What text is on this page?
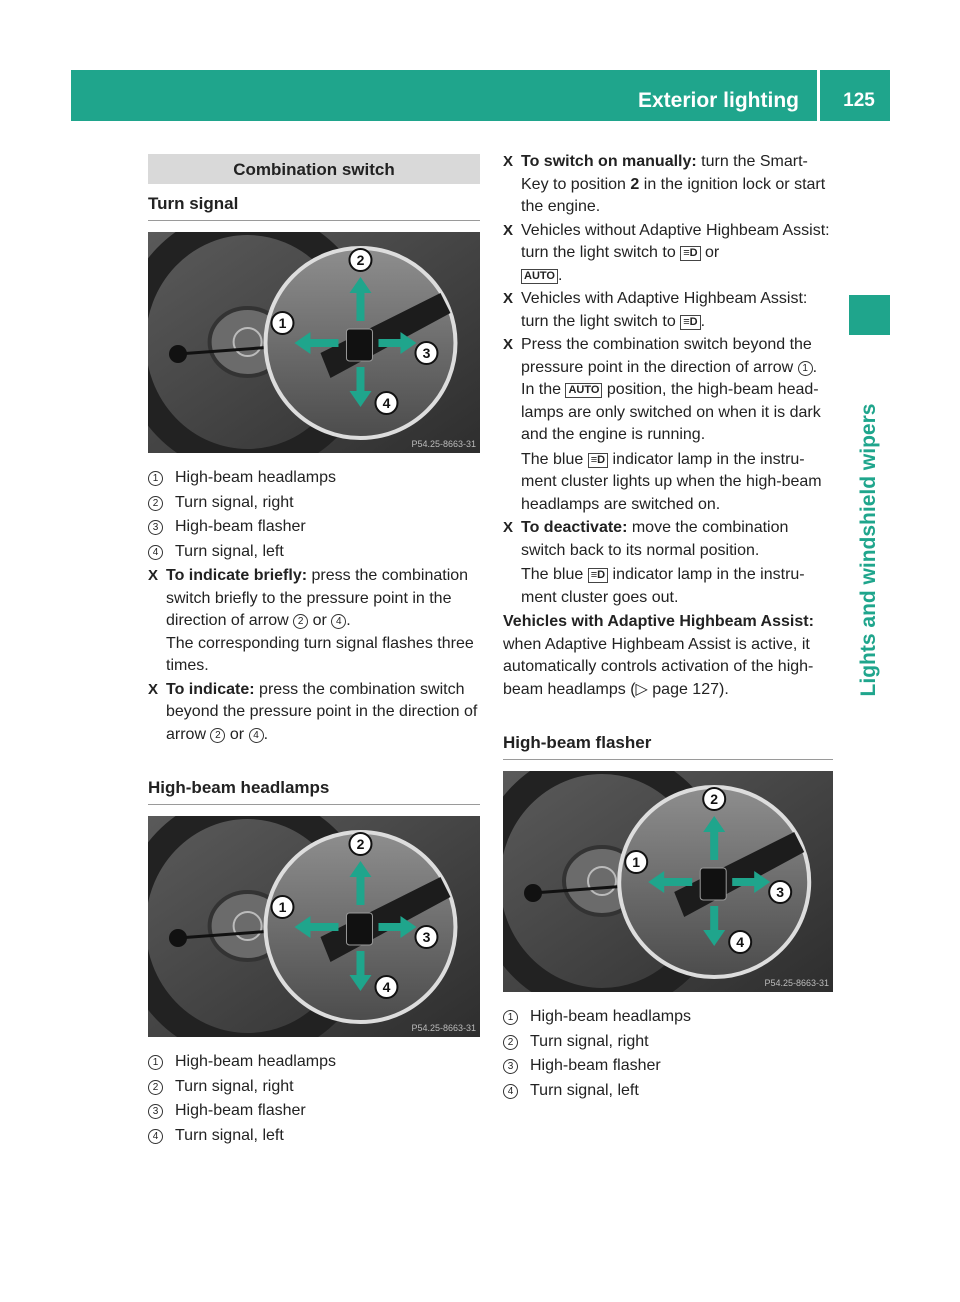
Exterior lighting	125
Lights and windshield wipers
Combination switch
Turn signal
2
1
3
4
P54.25-8663-31
1	High-beam headlamps
2	Turn signal, right
3	High-beam flasher
4	Turn signal, left
X To indicate briefly: press the combination switch briefly to the pressure point in the direction of arrow 2 or 4 .
The corresponding turn signal flashes three times.
X To indicate: press the combination switch beyond the pressure point in the direction of arrow 2 or 4 .
High-beam headlamps
2
1
3
4
P54.25-8663-31
1	High-beam headlamps
2	Turn signal, right
3	High-beam flasher
4	Turn signal, left
X To switch on manually: turn the Smart-Key to position 2 in the ignition lock or start the engine.
X Vehicles without Adaptive Highbeam Assist: turn the light switch to ≡D or
AUTO .
X Vehicles with Adaptive Highbeam Assist: turn the light switch to ≡D .
X Press the combination switch beyond the pressure point in the direction of arrow 1 . In the AUTO position, the high-beam head-lamps are only switched on when it is dark and the engine is running.
The blue ≡D indicator lamp in the instru-ment cluster lights up when the high-beam headlamps are switched on.
X To deactivate: move the combination switch back to its normal position.
The blue ≡D indicator lamp in the instru-ment cluster goes out.
Vehicles with Adaptive Highbeam Assist: when Adaptive Highbeam Assist is active, it automatically controls activation of the high-beam headlamps (▷ page 127).
High-beam flasher
2
1
3
4
P54.25-8663-31
1	High-beam headlamps
2	Turn signal, right
3	High-beam flasher
4	Turn signal, left
